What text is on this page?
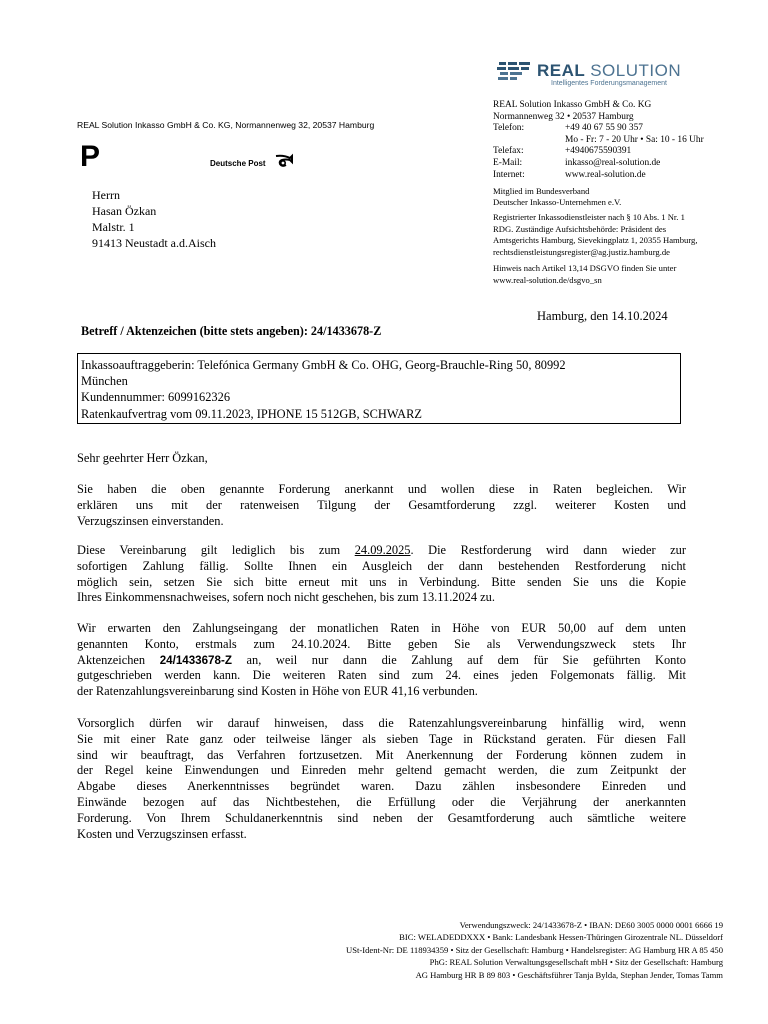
REAL SOLUTION
Intelligentes Forderungsmanagement
REAL Solution Inkasso GmbH & Co. KG
Normannenweg 32 • 20537 Hamburg
Telefon:	+49 40 67 55 90 357
Mo - Fr: 7 - 20 Uhr • Sa: 10 - 16 Uhr
Telefax:	+4940675590391
E-Mail:	inkasso@real-solution.de
Internet:	www.real-solution.de
Mitglied im Bundesverband
Deutscher Inkasso-Unternehmen e.V.
Registrierter Inkassodienstleister nach § 10 Abs. 1 Nr. 1
RDG. Zuständige Aufsichtsbehörde: Präsident des
Amtsgerichts Hamburg, Sievekingplatz 1, 20355 Hamburg,
rechtsdienstleistungsregister@ag.justiz.hamburg.de
Hinweis nach Artikel 13,14 DSGVO finden Sie unter
www.real-solution.de/dsgvo_sn
REAL Solution Inkasso GmbH & Co. KG, Normannenweg 32, 20537 Hamburg
P	Deutsche Post
Herrn
Hasan Özkan
Malstr. 1
91413 Neustadt a.d.Aisch
Hamburg, den 14.10.2024
Betreff / Aktenzeichen (bitte stets angeben): 24/1433678-Z
Inkassoauftraggeberin: Telefónica Germany GmbH & Co. OHG, Georg-Brauchle-Ring 50, 80992
München
Kundennummer: 6099162326
Ratenkaufvertrag vom 09.11.2023, IPHONE 15 512GB, SCHWARZ
Sehr geehrter Herr Özkan,
Sie haben die oben genannte Forderung anerkannt und wollen diese in Raten begleichen. Wir
erklären uns mit der ratenweisen Tilgung der Gesamtforderung zzgl. weiterer Kosten und
Verzugszinsen einverstanden.
Diese Vereinbarung gilt lediglich bis zum 24.09.2025. Die Restforderung wird dann wieder zur
sofortigen Zahlung fällig. Sollte Ihnen ein Ausgleich der dann bestehenden Restforderung nicht
möglich sein, setzen Sie sich bitte erneut mit uns in Verbindung. Bitte senden Sie uns die Kopie
Ihres Einkommensnachweises, sofern noch nicht geschehen, bis zum 13.11.2024 zu.
Wir erwarten den Zahlungseingang der monatlichen Raten in Höhe von EUR 50,00 auf dem unten
genannten Konto, erstmals zum 24.10.2024. Bitte geben Sie als Verwendungszweck stets Ihr
Aktenzeichen 24/1433678-Z an, weil nur dann die Zahlung auf dem für Sie geführten Konto
gutgeschrieben werden kann. Die weiteren Raten sind zum 24. eines jeden Folgemonats fällig. Mit
der Ratenzahlungsvereinbarung sind Kosten in Höhe von EUR 41,16 verbunden.
Vorsorglich dürfen wir darauf hinweisen, dass die Ratenzahlungsvereinbarung hinfällig wird, wenn
Sie mit einer Rate ganz oder teilweise länger als sieben Tage in Rückstand geraten. Für diesen Fall
sind wir beauftragt, das Verfahren fortzusetzen. Mit Anerkennung der Forderung können zudem in
der Regel keine Einwendungen und Einreden mehr geltend gemacht werden, die zum Zeitpunkt der
Abgabe dieses Anerkenntnisses begründet waren. Dazu zählen insbesondere Einreden und
Einwände bezogen auf das Nichtbestehen, die Erfüllung oder die Verjährung der anerkannten
Forderung. Von Ihrem Schuldanerkenntnis sind neben der Gesamtforderung auch sämtliche weitere
Kosten und Verzugszinsen erfasst.
Verwendungszweck: 24/1433678-Z • IBAN: DE60 3005 0000 0001 6666 19
BIC: WELADEDDXXX • Bank: Landesbank Hessen-Thüringen Girozentrale NL. Düsseldorf
USt-Ident-Nr: DE 118934359 • Sitz der Gesellschaft: Hamburg • Handelsregister: AG Hamburg HR A 85 450
PhG: REAL Solution Verwaltungsgesellschaft mbH • Sitz der Gesellschaft: Hamburg
AG Hamburg HR B 89 803 • Geschäftsführer Tanja Bylda, Stephan Jender, Tomas Tamm
